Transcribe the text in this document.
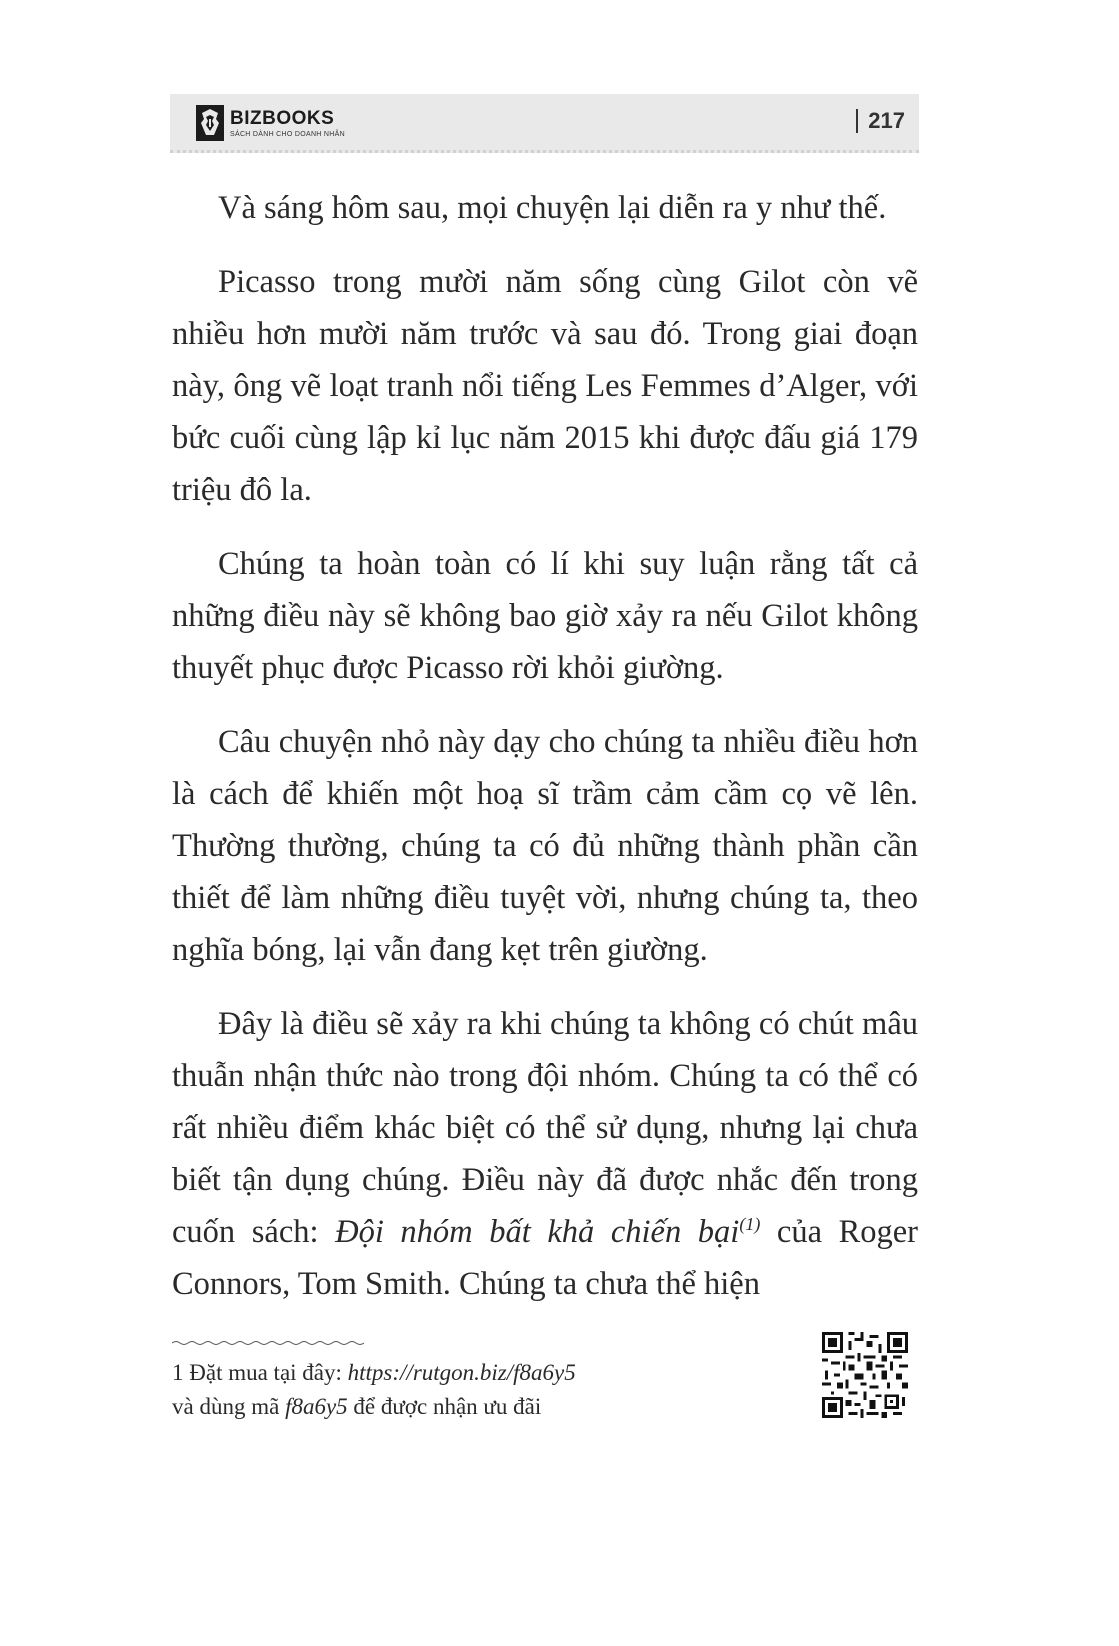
BIZBOOKS
SÁCH DÀNH CHO DOANH NHÂN
217

Và sáng hôm sau, mọi chuyện lại diễn ra y như thế.

Picasso trong mười năm sống cùng Gilot còn vẽ nhiều hơn mười năm trước và sau đó. Trong giai đoạn này, ông vẽ loạt tranh nổi tiếng Les Femmes d’Alger, với bức cuối cùng lập kỉ lục năm 2015 khi được đấu giá 179 triệu đô la.

Chúng ta hoàn toàn có lí khi suy luận rằng tất cả những điều này sẽ không bao giờ xảy ra nếu Gilot không thuyết phục được Picasso rời khỏi giường.

Câu chuyện nhỏ này dạy cho chúng ta nhiều điều hơn là cách để khiến một hoạ sĩ trầm cảm cầm cọ vẽ lên. Thường thường, chúng ta có đủ những thành phần cần thiết để làm những điều tuyệt vời, nhưng chúng ta, theo nghĩa bóng, lại vẫn đang kẹt trên giường.

Đây là điều sẽ xảy ra khi chúng ta không có chút mâu thuẫn nhận thức nào trong đội nhóm. Chúng ta có thể có rất nhiều điểm khác biệt có thể sử dụng, nhưng lại chưa biết tận dụng chúng. Điều này đã được nhắc đến trong cuốn sách: Đội nhóm bất khả chiến bại$^{(1)}$ của Roger Connors, Tom Smith. Chúng ta chưa thể hiện

1 Đặt mua tại đây: https://rutgon.biz/f8a6y5
và dùng mã f8a6y5 để được nhận ưu đãi
